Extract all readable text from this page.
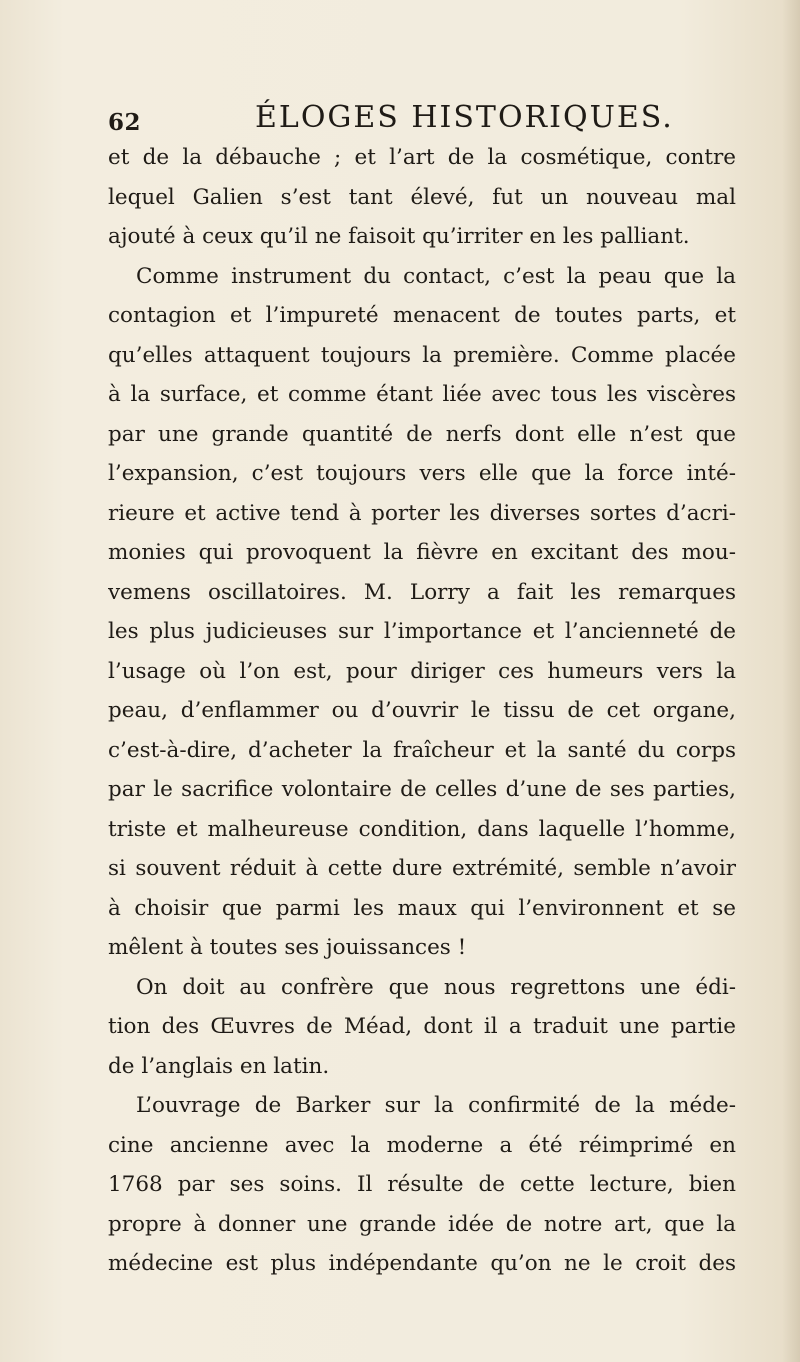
62	ÉLOGES HISTORIQUES.
et de la débauche ; et l’art de la cosmétique, contre
lequel Galien s’est tant élevé, fut un nouveau mal
ajouté à ceux qu’il ne faisoit qu’irriter en les palliant.
Comme instrument du contact, c’est la peau que la
contagion et l’impureté menacent de toutes parts, et
qu’elles attaquent toujours la première. Comme placée
à la surface, et comme étant liée avec tous les viscères
par une grande quantité de nerfs dont elle n’est que
l’expansion, c’est toujours vers elle que la force inté-
rieure et active tend à porter les diverses sortes d’acri-
monies qui provoquent la fièvre en excitant des mou-
vemens oscillatoires. M. Lorry a fait les remarques
les plus judicieuses sur l’importance et l’ancienneté de
l’usage où l’on est, pour diriger ces humeurs vers la
peau, d’enflammer ou d’ouvrir le tissu de cet organe,
c’est-à-dire, d’acheter la fraîcheur et la santé du corps
par le sacrifice volontaire de celles d’une de ses parties,
triste et malheureuse condition, dans laquelle l’homme,
si souvent réduit à cette dure extrémité, semble n’avoir
à choisir que parmi les maux qui l’environnent et se
mêlent à toutes ses jouissances !
On doit au confrère que nous regrettons une édi-
tion des Œuvres de Méad, dont il a traduit une partie
de l’anglais en latin.
L’ouvrage de Barker sur la confirmité de la méde-
cine ancienne avec la moderne a été réimprimé en
1768 par ses soins. Il résulte de cette lecture, bien
propre à donner une grande idée de notre art, que la
médecine est plus indépendante qu’on ne le croit des
